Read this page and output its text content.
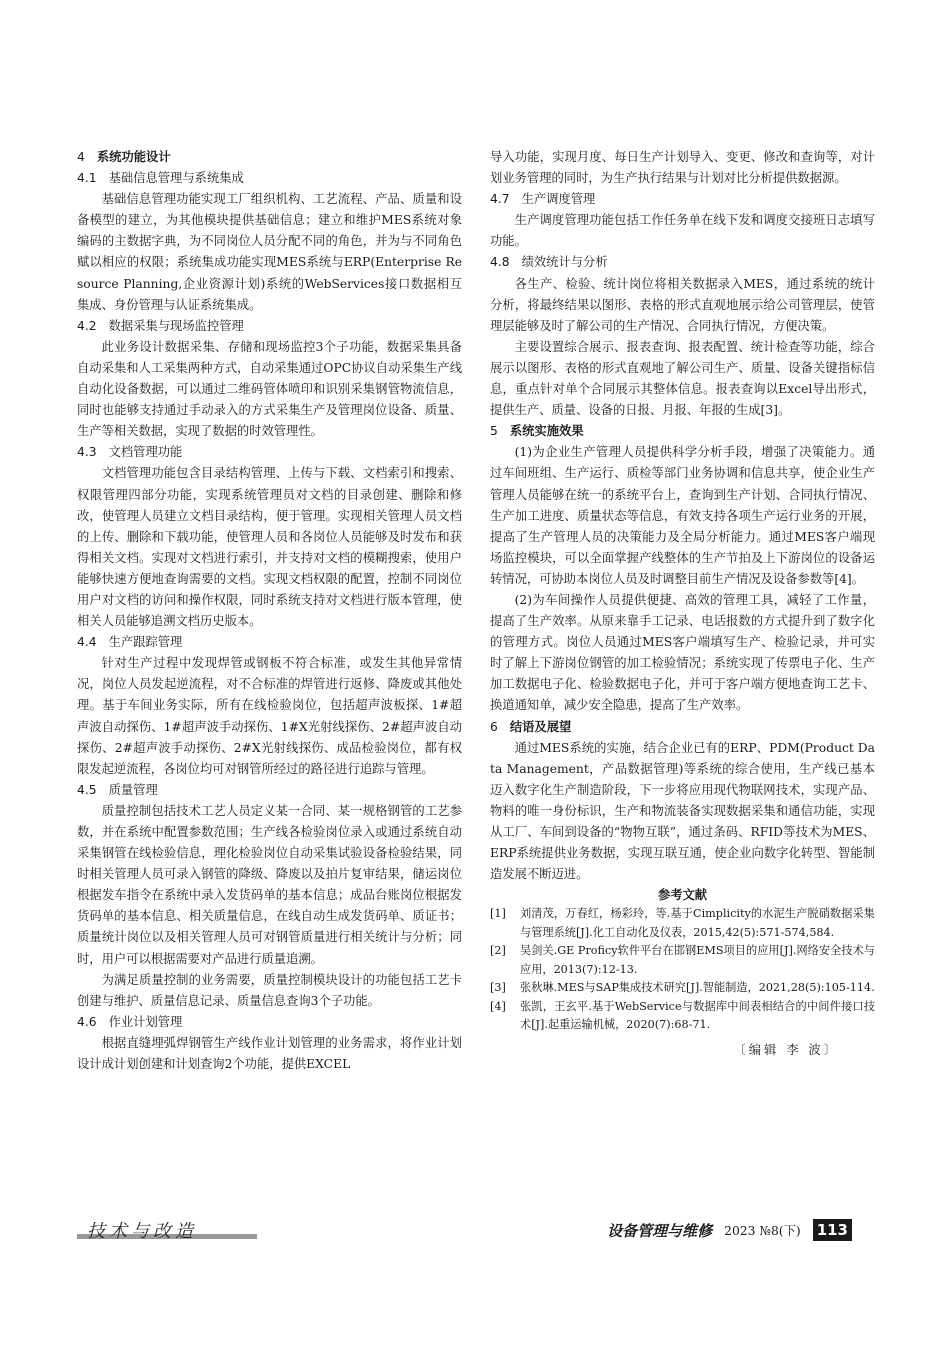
4 系统功能设计
4.1 基础信息管理与系统集成

基础信息管理功能实现工厂组织机构、工艺流程、产品、质量和设备模型的建立，为其他模块提供基础信息；建立和维护MES系统对象编码的主数据字典，为不同岗位人员分配不同的角色，并为与不同角色赋以相应的权限；系统集成功能实现MES系统与ERP(Enterprise Resource Planning,企业资源计划)系统的WebServices接口数据相互集成、身份管理与认证系统集成。

4.2 数据采集与现场监控管理

此业务设计数据采集、存储和现场监控3个子功能，数据采集具备自动采集和人工采集两种方式，自动采集通过OPC协议自动采集生产线自动化设备数据，可以通过二维码管体喷印和识别采集钢管物流信息，同时也能够支持通过手动录入的方式采集生产及管理岗位设备、质量、生产等相关数据，实现了数据的时效管理性。

4.3 文档管理功能

文档管理功能包含目录结构管理、上传与下载、文档索引和搜索、权限管理四部分功能，实现系统管理员对文档的目录创建、删除和修改，使管理人员建立文档目录结构，便于管理。实现相关管理人员文档的上传、删除和下载功能，使管理人员和各岗位人员能够及时发布和获得相关文档。实现对文档进行索引，并支持对文档的模糊搜索，使用户能够快速方便地查询需要的文档。实现文档权限的配置，控制不同岗位用户对文档的访问和操作权限，同时系统支持对文档进行版本管理，使相关人员能够追溯文档历史版本。

4.4 生产跟踪管理

针对生产过程中发现焊管或钢板不符合标准，或发生其他异常情况，岗位人员发起逆流程，对不合标准的焊管进行返修、降废或其他处理。基于车间业务实际，所有在线检验岗位，包括超声波板探、1#超声波自动探伤、1#超声波手动探伤、1#X光射线探伤、2#超声波自动探伤、2#超声波手动探伤、2#X光射线探伤、成品检验岗位，都有权限发起逆流程，各岗位均可对钢管所经过的路径进行追踪与管理。

4.5 质量管理

质量控制包括技术工艺人员定义某一合同、某一规格钢管的工艺参数，并在系统中配置参数范围；生产线各检验岗位录入或通过系统自动采集钢管在线检验信息，理化检验岗位自动采集试验设备检验结果，同时相关管理人员可录入钢管的降级、降废以及拍片复审结果，储运岗位根据发车指令在系统中录入发货码单的基本信息；成品台账岗位根据发货码单的基本信息、相关质量信息，在线自动生成发货码单、质证书；质量统计岗位以及相关管理人员可对钢管质量进行相关统计与分析；同时，用户可以根据需要对产品进行质量追溯。

为满足质量控制的业务需要，质量控制模块设计的功能包括工艺卡创建与维护、质量信息记录、质量信息查询3个子功能。

4.6 作业计划管理

根据直缝埋弧焊钢管生产线作业计划管理的业务需求，将作业计划设计成计划创建和计划查询2个功能，提供EXCEL

导入功能，实现月度、每日生产计划导入、变更、修改和查询等，对计划业务管理的同时，为生产执行结果与计划对比分析提供数据源。

4.7 生产调度管理

生产调度管理功能包括工作任务单在线下发和调度交接班日志填写功能。

4.8 绩效统计与分析

各生产、检验、统计岗位将相关数据录入MES，通过系统的统计分析，将最终结果以图形、表格的形式直观地展示给公司管理层，使管理层能够及时了解公司的生产情况、合同执行情况，方便决策。

主要设置综合展示、报表查询、报表配置、统计检查等功能，综合展示以图形、表格的形式直观地了解公司生产、质量、设备关键指标信息，重点针对单个合同展示其整体信息。报表查询以Excel导出形式，提供生产、质量、设备的日报、月报、年报的生成[3]。

5 系统实施效果

(1)为企业生产管理人员提供科学分析手段，增强了决策能力。通过车间班组、生产运行、质检等部门业务协调和信息共享，使企业生产管理人员能够在统一的系统平台上，查询到生产计划、合同执行情况、生产加工进度、质量状态等信息，有效支持各项生产运行业务的开展，提高了生产管理人员的决策能力及全局分析能力。通过MES客户端现场监控模块，可以全面掌握产线整体的生产节拍及上下游岗位的设备运转情况，可协助本岗位人员及时调整目前生产情况及设备参数等[4]。

(2)为车间操作人员提供便捷、高效的管理工具，减轻了工作量，提高了生产效率。从原来靠手工记录、电话报数的方式提升到了数字化的管理方式。岗位人员通过MES客户端填写生产、检验记录，并可实时了解上下游岗位钢管的加工检验情况；系统实现了传票电子化、生产加工数据电子化、检验数据电子化，并可于客户端方便地查询工艺卡、换道通知单，减少安全隐患，提高了生产效率。

6 结语及展望

通过MES系统的实施，结合企业已有的ERP、PDM(Product Data Management，产品数据管理)等系统的综合使用，生产线已基本迈入数字化生产制造阶段，下一步将应用现代物联网技术，实现产品、物料的唯一身份标识，生产和物流装备实现数据采集和通信功能，实现从工厂、车间到设备的“物物互联”，通过条码、RFID等技术为MES、ERP系统提供业务数据，实现互联互通，使企业向数字化转型、智能制造发展不断迈进。

参考文献
[1]	刘清茂，万春红，杨彩玲，等.基于Cimplicity的水泥生产脱硝数据采集与管理系统[J].化工自动化及仪表，2015,42(5):571-574,584.
[2]	吴剑关.GE Proficy软件平台在邯钢EMS项目的应用[J].网络安全技术与应用，2013(7):12-13.
[3]	张秋琳.MES与SAP集成技术研究[J].智能制造，2021,28(5):105-114.
[4]	张凯，王玄平.基于WebService与数据库中间表相结合的中间件接口技术[J].起重运输机械，2020(7):68-71.
〔编辑 李 波〕
技术与改造	设备管理与维修 2023 №8(下) 113
